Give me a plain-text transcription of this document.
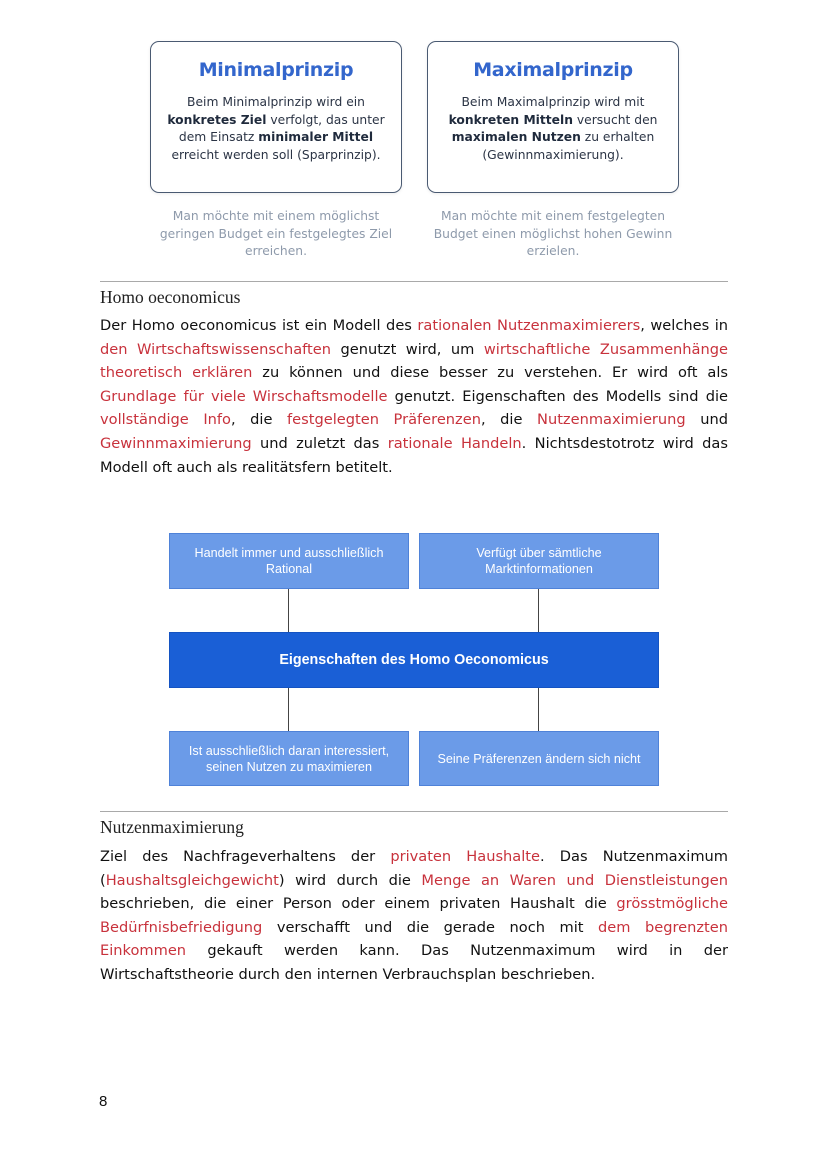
Minimalprinzip
Beim Minimalprinzip wird ein konkretes Ziel verfolgt, das unter dem Einsatz minimaler Mittel erreicht werden soll (Sparprinzip).
Man möchte mit einem möglichst geringen Budget ein festgelegtes Ziel erreichen.
Maximalprinzip
Beim Maximalprinzip wird mit konkreten Mitteln versucht den maximalen Nutzen zu erhalten (Gewinnmaximierung).
Man möchte mit einem festgelegten Budget einen möglichst hohen Gewinn erzielen.
Homo oeconomicus
Der Homo oeconomicus ist ein Modell des rationalen Nutzenmaximierers, welches in den Wirtschaftswissenschaften genutzt wird, um wirtschaftliche Zusammenhänge theoretisch erklären zu können und diese besser zu verstehen. Er wird oft als Grundlage für viele Wirschaftsmodelle genutzt. Eigenschaften des Modells sind die vollständige Info, die festgelegten Präferenzen, die Nutzenmaximierung und Gewinnmaximierung und zuletzt das rationale Handeln. Nichtsdestotrotz wird das Modell oft auch als realitätsfern betitelt.
Handelt immer und ausschließlich Rational
Verfügt über sämtliche Marktinformationen
Eigenschaften des Homo Oeconomicus
Ist ausschließlich daran interessiert, seinen Nutzen zu maximieren
Seine Präferenzen ändern sich nicht
Nutzenmaximierung
Ziel des Nachfrageverhaltens der privaten Haushalte. Das Nutzenmaximum (Haushaltsgleichgewicht) wird durch die Menge an Waren und Dienstleistungen beschrieben, die einer Person oder einem privaten Haushalt die grösstmögliche Bedürfnisbefriedigung verschafft und die gerade noch mit dem begrenzten Einkommen gekauft werden kann. Das Nutzenmaximum wird in der Wirtschaftstheorie durch den internen Verbrauchsplan beschrieben.
8
